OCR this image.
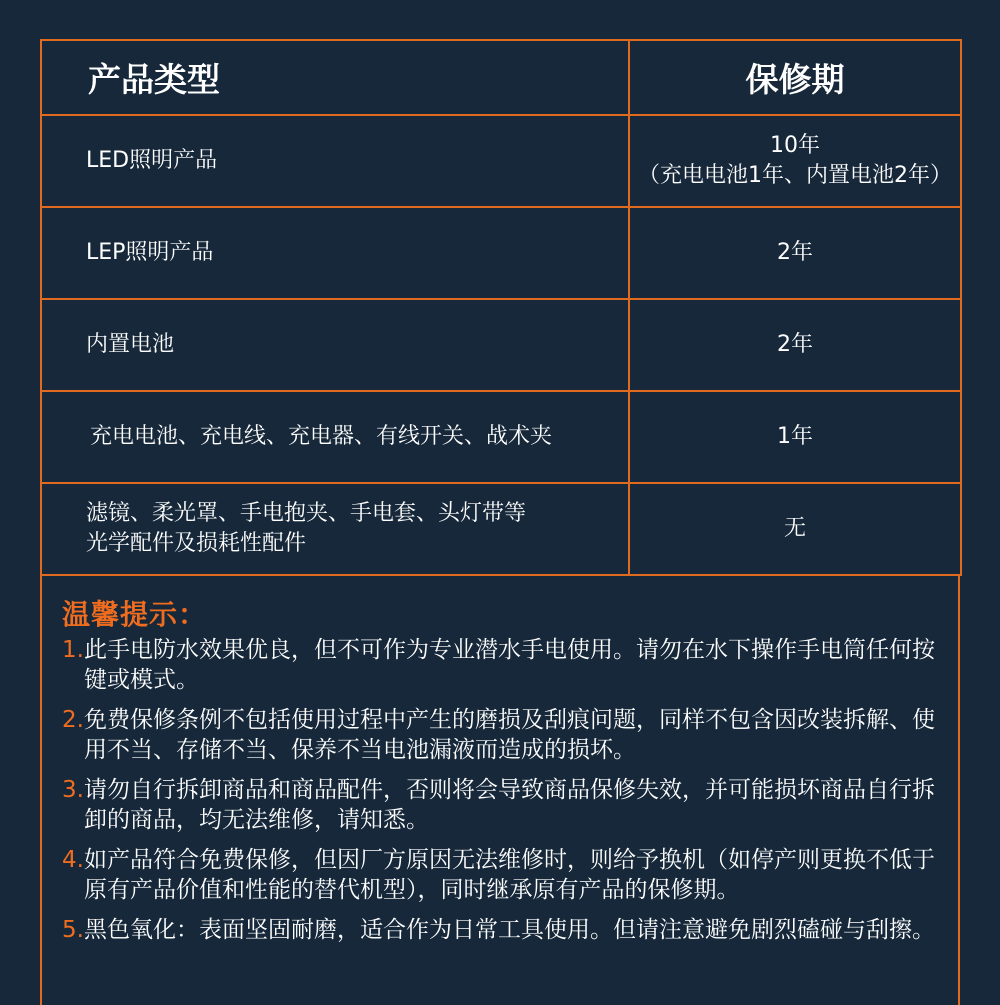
产品类型	保修期
LED照明产品	10年
（充电电池1年、内置电池2年）

LEP照明产品	2年
内置电池	2年
充电电池、充电线、充电器、有线开关、战术夹	1年

滤镜、柔光罩、手电抱夹、手电套、头灯带等
光学配件及损耗性配件	无
温馨提示：
1. 此手电防水效果优良，但不可作为专业潜水手电使用。请勿在水下操作手电筒任何按键或模式。
2. 免费保修条例不包括使用过程中产生的磨损及刮痕问题，同样不包含因改装拆解、使用不当、存储不当、保养不当电池漏液而造成的损坏。
3. 请勿自行拆卸商品和商品配件，否则将会导致商品保修失效，并可能损坏商品自行拆卸的商品，均无法维修，请知悉。
4. 如产品符合免费保修，但因厂方原因无法维修时，则给予换机（如停产则更换不低于原有产品价值和性能的替代机型），同时继承原有产品的保修期。
5. 黑色氧化：表面坚固耐磨，适合作为日常工具使用。但请注意避免剧烈磕碰与刮擦。
